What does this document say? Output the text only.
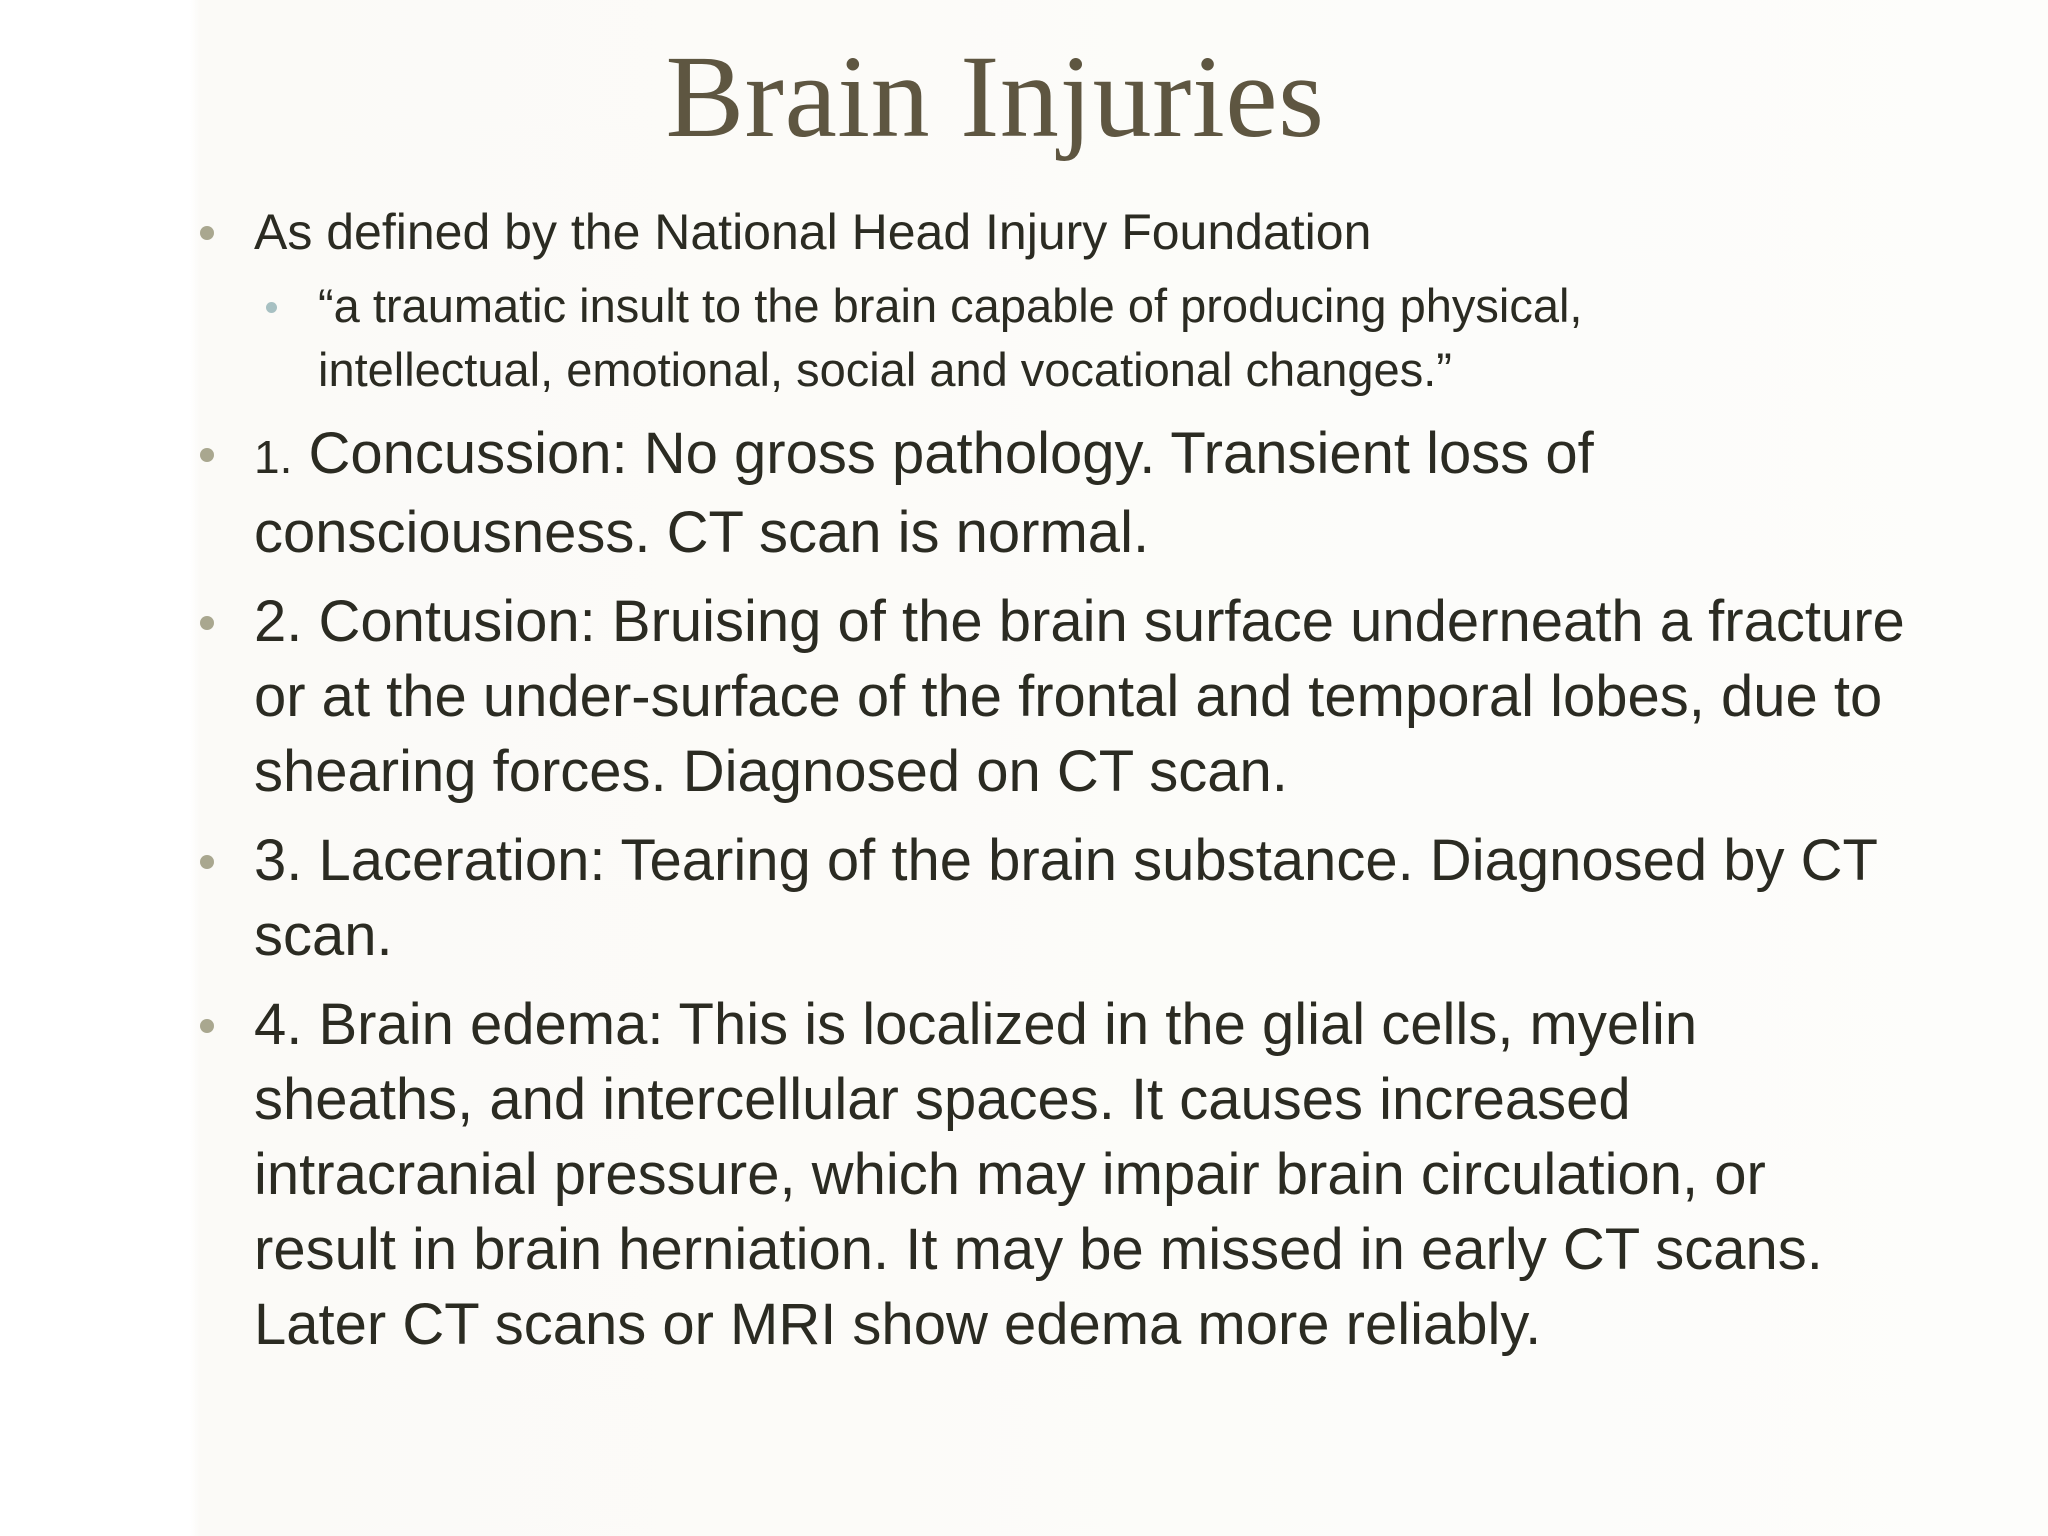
Brain Injuries
As defined by the National Head Injury Foundation
“a traumatic insult to the brain capable of producing physical, intellectual, emotional, social and vocational changes.”
1. Concussion: No gross pathology. Transient loss of consciousness. CT scan is normal.
2. Contusion: Bruising of the brain surface underneath a fracture or at the under-surface of the frontal and temporal lobes, due to shearing forces. Diagnosed on CT scan.
3. Laceration: Tearing of the brain substance. Diagnosed by CT scan.
4. Brain edema: This is localized in the glial cells, myelin sheaths, and intercellular spaces. It causes increased intracranial pressure, which may impair brain circulation, or result in brain herniation. It may be missed in early CT scans. Later CT scans or MRI show edema more reliably.
